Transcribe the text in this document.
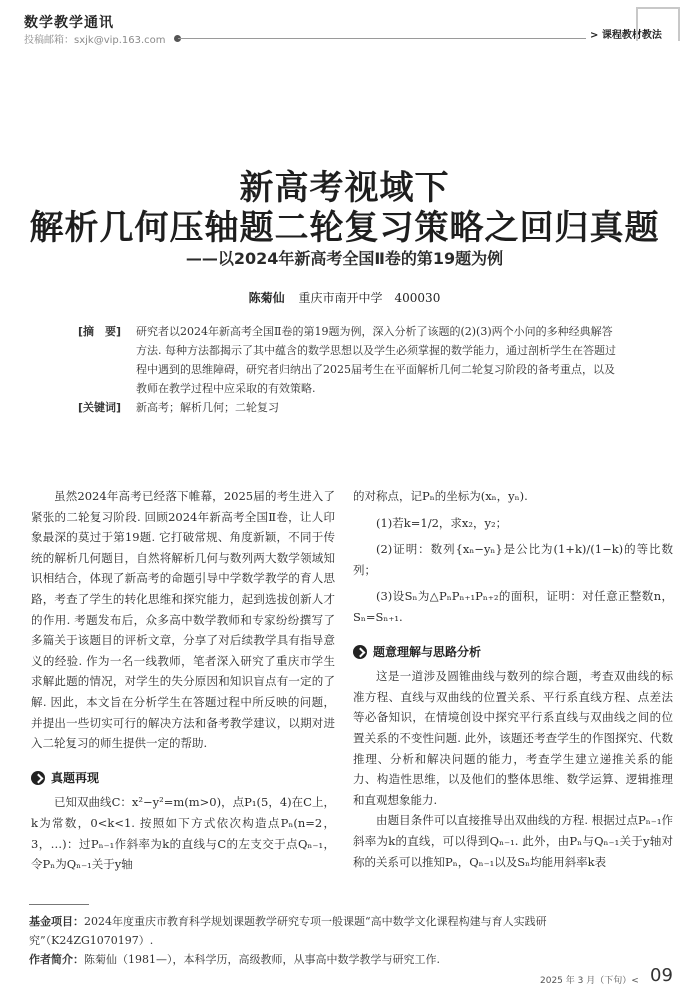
数学教学通讯
投稿邮箱：sxjk@vip.163.com	> 课程教材教法
新高考视域下
解析几何压轴题二轮复习策略之回归真题
——以2024年新高考全国Ⅱ卷的第19题为例
陈菊仙 重庆市南开中学　400030
[摘　要]	研究者以2024年新高考全国Ⅱ卷的第19题为例，深入分析了该题的(2)(3)两个小问的多种经典解答方法. 每种方法都揭示了其中蕴含的数学思想以及学生必须掌握的数学能力，通过剖析学生在答题过程中遇到的思维障碍，研究者归纳出了2025届考生在平面解析几何二轮复习阶段的备考重点，以及教师在教学过程中应采取的有效策略.
[关键词]	新高考；解析几何；二轮复习

虽然2024年高考已经落下帷幕，2025届的考生进入了紧张的二轮复习阶段. 回顾2024年新高考全国Ⅱ卷，让人印象最深的莫过于第19题. 它打破常规、角度新颖，不同于传统的解析几何题目，自然将解析几何与数列两大数学领域知识相结合，体现了新高考的命题引导中学数学教学的育人思路，考查了学生的转化思维和探究能力，起到选拔创新人才的作用. 考题发布后，众多高中数学教师和专家纷纷撰写了多篇关于该题目的评析文章，分享了对后续教学具有指导意义的经验. 作为一名一线教师，笔者深入研究了重庆市学生求解此题的情况，对学生的失分原因和知识盲点有一定的了解. 因此，本文旨在分析学生在答题过程中所反映的问题，并提出一些切实可行的解决方法和备考教学建议，以期对进入二轮复习的师生提供一定的帮助.

真题再现

已知双曲线C：x²−y²=m(m>0)，点P₁(5，4)在C上，k为常数，0<k<1. 按照如下方式依次构造点Pₙ(n=2，3，…)：过Pₙ₋₁作斜率为k的直线与C的左支交于点Qₙ₋₁，令Pₙ为Qₙ₋₁关于y轴

的对称点，记Pₙ的坐标为(xₙ，yₙ).

(1)若k=1/2，求x₂，y₂；

(2)证明：数列{xₙ−yₙ}是公比为(1+k)/(1−k)的等比数列；

(3)设Sₙ为△PₙPₙ₊₁Pₙ₊₂的面积，证明：对任意正整数n，Sₙ=Sₙ₊₁.

题意理解与思路分析

这是一道涉及圆锥曲线与数列的综合题，考查双曲线的标准方程、直线与双曲线的位置关系、平行系直线方程、点差法等必备知识，在情境创设中探究平行系直线与双曲线之间的位置关系的不变性问题. 此外，该题还考查学生的作图探究、代数推理、分析和解决问题的能力，考查学生建立递推关系的能力、构造性思维，以及他们的整体思维、数学运算、逻辑推理和直观想象能力.

由题目条件可以直接推导出双曲线的方程. 根据过点Pₙ₋₁作斜率为k的直线，可以得到Qₙ₋₁. 此外，由Pₙ与Qₙ₋₁关于y轴对称的关系可以推知Pₙ，Qₙ₋₁以及Sₙ均能用斜率k表

基金项目：2024年度重庆市教育科学规划课题教学研究专项一般课题“高中数学文化课程构建与育人实践研究”（K24ZG1070197）.
作者简介：陈菊仙（1981—），本科学历，高级教师，从事高中数学教学与研究工作.
2025 年 3 月（下旬）< 09
